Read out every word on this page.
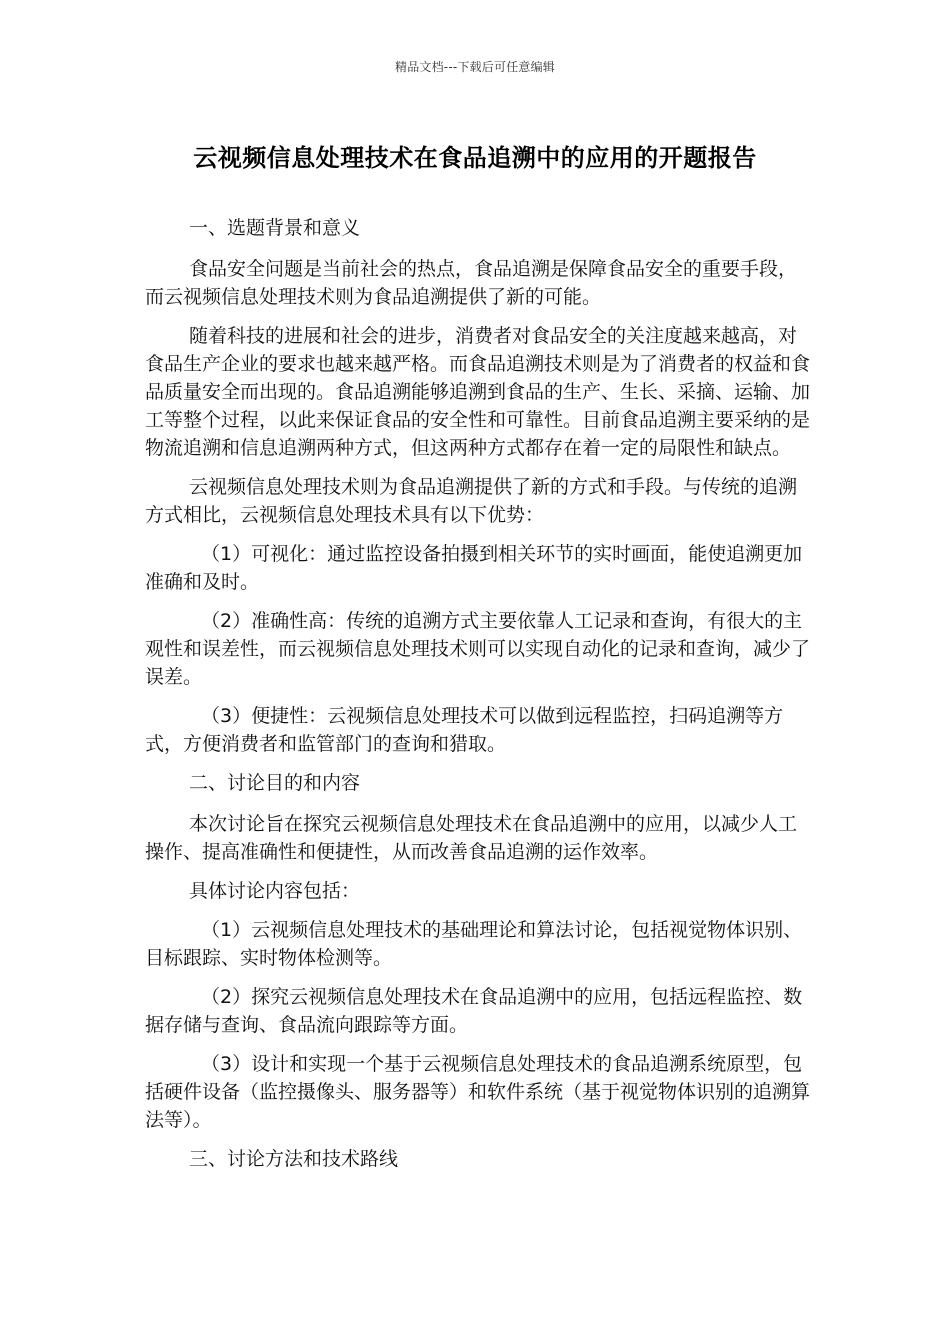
精品文档---下载后可任意编辑
云视频信息处理技术在食品追溯中的应用的开题报告

一、选题背景和意义

食品安全问题是当前社会的热点，食品追溯是保障食品安全的重要手段，而云视频信息处理技术则为食品追溯提供了新的可能。

随着科技的进展和社会的进步，消费者对食品安全的关注度越来越高，对食品生产企业的要求也越来越严格。而食品追溯技术则是为了消费者的权益和食品质量安全而出现的。食品追溯能够追溯到食品的生产、生长、采摘、运输、加工等整个过程，以此来保证食品的安全性和可靠性。目前食品追溯主要采纳的是物流追溯和信息追溯两种方式，但这两种方式都存在着一定的局限性和缺点。

云视频信息处理技术则为食品追溯提供了新的方式和手段。与传统的追溯方式相比，云视频信息处理技术具有以下优势：

（1）可视化：通过监控设备拍摄到相关环节的实时画面，能使追溯更加准确和及时。

（2）准确性高：传统的追溯方式主要依靠人工记录和查询，有很大的主观性和误差性，而云视频信息处理技术则可以实现自动化的记录和查询，减少了误差。

（3）便捷性：云视频信息处理技术可以做到远程监控，扫码追溯等方式，方便消费者和监管部门的查询和猎取。

二、讨论目的和内容

本次讨论旨在探究云视频信息处理技术在食品追溯中的应用，以减少人工操作、提高准确性和便捷性，从而改善食品追溯的运作效率。

具体讨论内容包括：

（1）云视频信息处理技术的基础理论和算法讨论，包括视觉物体识别、目标跟踪、实时物体检测等。

（2）探究云视频信息处理技术在食品追溯中的应用，包括远程监控、数据存储与查询、食品流向跟踪等方面。

（3）设计和实现一个基于云视频信息处理技术的食品追溯系统原型，包括硬件设备（监控摄像头、服务器等）和软件系统（基于视觉物体识别的追溯算法等）。

三、讨论方法和技术路线
